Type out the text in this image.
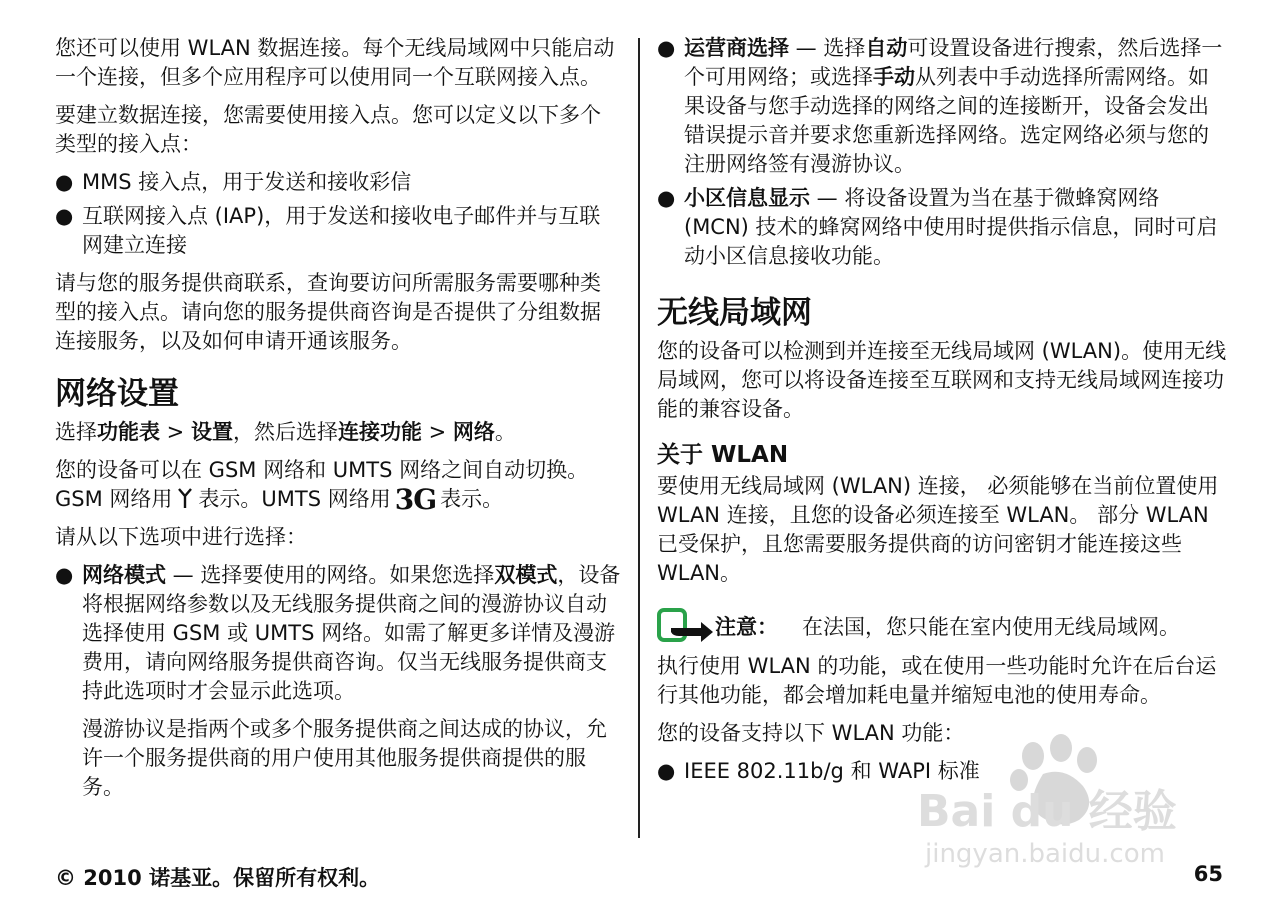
您还可以使用 WLAN 数据连接。每个无线局域网中只能启动一个连接，但多个应用程序可以使用同一个互联网接入点。

要建立数据连接，您需要使用接入点。您可以定义以下多个类型的接入点：

● MMS 接入点，用于发送和接收彩信
● 互联网接入点 (IAP)，用于发送和接收电子邮件并与互联网建立连接

请与您的服务提供商联系，查询要访问所需服务需要哪种类型的接入点。请向您的服务提供商咨询是否提供了分组数据连接服务，以及如何申请开通该服务。

网络设置

选择功能表 > 设置，然后选择连接功能 > 网络。

您的设备可以在 GSM 网络和 UMTS 网络之间自动切换。GSM 网络用 表示。UMTS 网络用 3G 表示。

请从以下选项中进行选择：

● 网络模式 — 选择要使用的网络。如果您选择双模式，设备将根据网络参数以及无线服务提供商之间的漫游协议自动选择使用 GSM 或 UMTS 网络。如需了解更多详情及漫游费用，请向网络服务提供商咨询。仅当无线服务提供商支持此选项时才会显示此选项。

漫游协议是指两个或多个服务提供商之间达成的协议，允许一个服务提供商的用户使用其他服务提供商提供的服务。

● 运营商选择 — 选择自动可设置设备进行搜索，然后选择一个可用网络；或选择手动从列表中手动选择所需网络。如果设备与您手动选择的网络之间的连接断开，设备会发出错误提示音并要求您重新选择网络。选定网络必须与您的注册网络签有漫游协议。
● 小区信息显示 — 将设备设置为当在基于微蜂窝网络 (MCN) 技术的蜂窝网络中使用时提供指示信息，同时可启动小区信息接收功能。
无线局域网

您的设备可以检测到并连接至无线局域网 (WLAN)。使用无线局域网，您可以将设备连接至互联网和支持无线局域网连接功能的兼容设备。

关于 WLAN

要使用无线局域网 (WLAN) 连接， 必须能够在当前位置使用 WLAN 连接，且您的设备必须连接至 WLAN。 部分 WLAN 已受保护，且您需要服务提供商的访问密钥才能连接这些 WLAN。

注意： 在法国，您只能在室内使用无线局域网。

执行使用 WLAN 的功能，或在使用一些功能时允许在后台运行其他功能，都会增加耗电量并缩短电池的使用寿命。

您的设备支持以下 WLAN 功能：

● IEEE 802.11b/g 和 WAPI 标准
Bai du 经验
jingyan.baidu.com
© 2010 诺基亚。保留所有权利。	65
